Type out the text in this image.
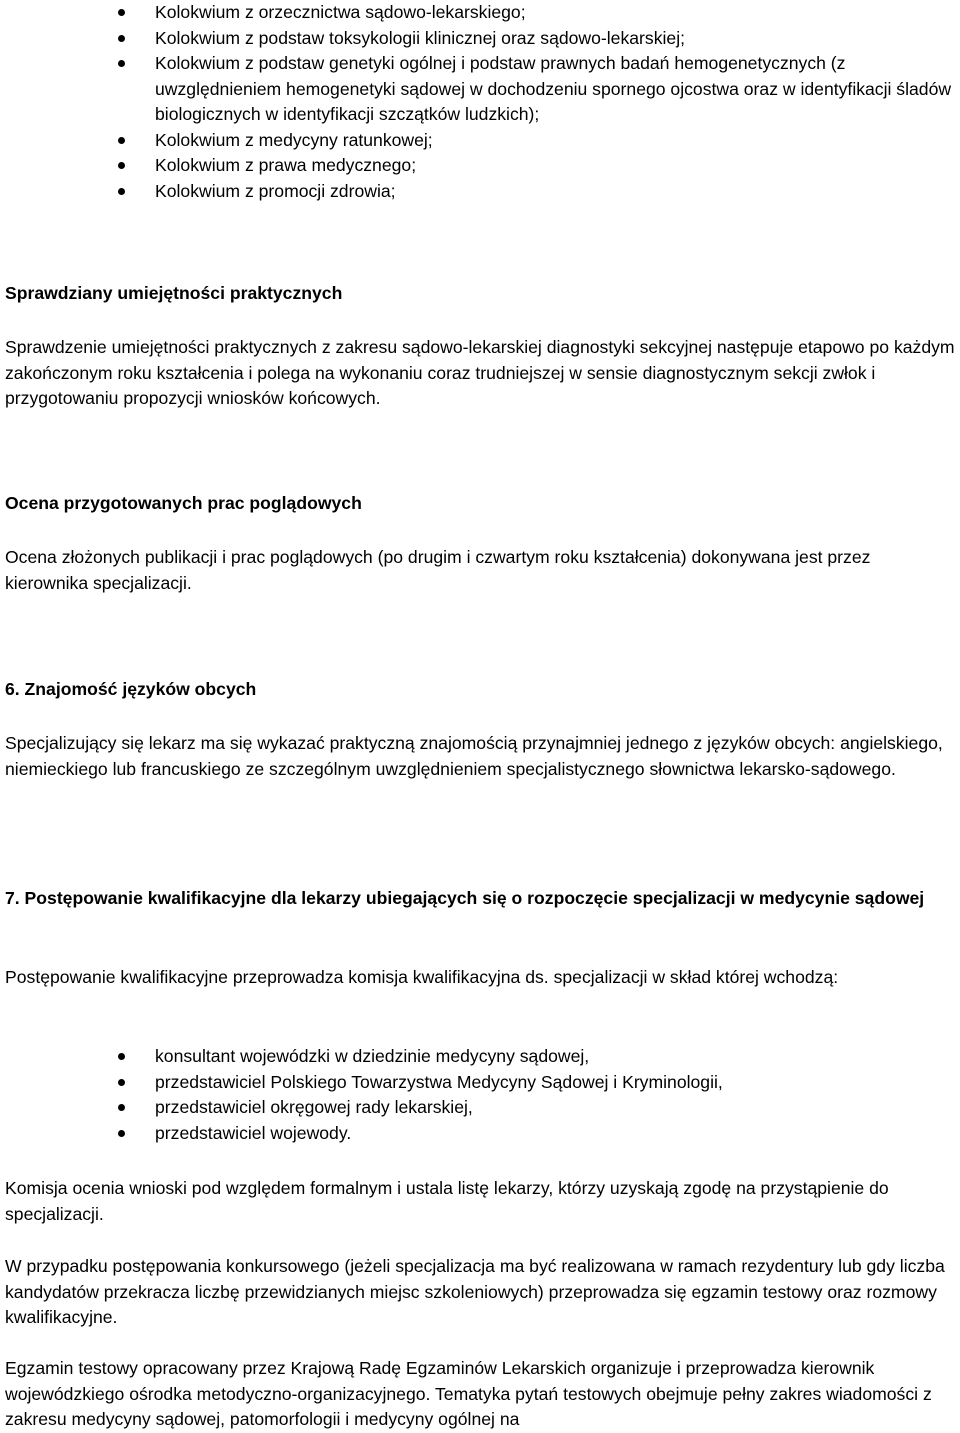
Kolokwium z orzecznictwa sądowo-lekarskiego;
Kolokwium z podstaw toksykologii klinicznej oraz sądowo-lekarskiej;
Kolokwium z podstaw genetyki ogólnej i podstaw prawnych badań hemogenetycznych (z uwzględnieniem hemogenetyki sądowej w dochodzeniu spornego ojcostwa oraz w identyfikacji śladów biologicznych w identyfikacji szczątków ludzkich);
Kolokwium z medycyny ratunkowej;
Kolokwium z prawa medycznego;
Kolokwium z promocji zdrowia;
Sprawdziany umiejętności praktycznych

Sprawdzenie umiejętności praktycznych z zakresu sądowo-lekarskiej diagnostyki sekcyjnej następuje etapowo po każdym zakończonym roku kształcenia i polega na wykonaniu coraz trudniejszej w sensie diagnostycznym sekcji zwłok i przygotowaniu propozycji wniosków końcowych.

Ocena przygotowanych prac poglądowych

Ocena złożonych publikacji i prac poglądowych (po drugim i czwartym roku kształcenia) dokonywana jest przez kierownika specjalizacji.

6. Znajomość języków obcych

Specjalizujący się lekarz ma się wykazać praktyczną znajomością przynajmniej jednego z języków obcych: angielskiego, niemieckiego lub francuskiego ze szczególnym uwzględnieniem specjalistycznego słownictwa lekarsko-sądowego.

7. Postępowanie kwalifikacyjne dla lekarzy ubiegających się o rozpoczęcie specjalizacji w medycynie sądowej

Postępowanie kwalifikacyjne przeprowadza komisja kwalifikacyjna ds. specjalizacji w skład której wchodzą:

konsultant wojewódzki w dziedzinie medycyny sądowej,
przedstawiciel Polskiego Towarzystwa Medycyny Sądowej i Kryminologii,
przedstawiciel okręgowej rady lekarskiej,
przedstawiciel wojewody.

Komisja ocenia wnioski pod względem formalnym i ustala listę lekarzy, którzy uzyskają zgodę na przystąpienie do specjalizacji.

W przypadku postępowania konkursowego (jeżeli specjalizacja ma być realizowana w ramach rezydentury lub gdy liczba kandydatów przekracza liczbę przewidzianych miejsc szkoleniowych) przeprowadza się egzamin testowy oraz rozmowy kwalifikacyjne.

Egzamin testowy opracowany przez Krajową Radę Egzaminów Lekarskich organizuje i przeprowadza kierownik wojewódzkiego ośrodka metodyczno-organizacyjnego. Tematyka pytań testowych obejmuje pełny zakres wiadomości z zakresu medycyny sądowej, patomorfologii i medycyny ogólnej na
